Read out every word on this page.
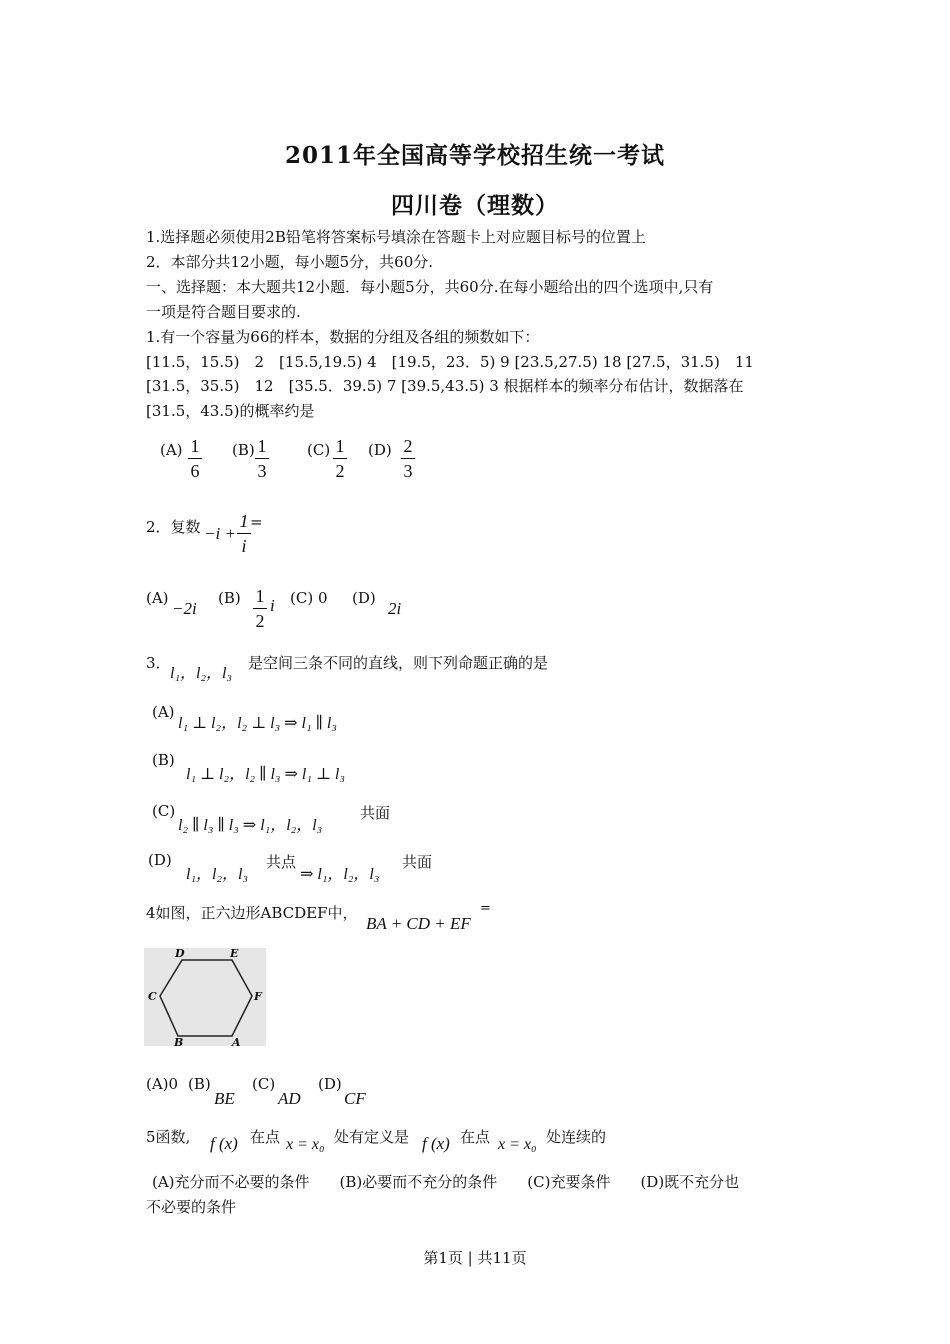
2011年全国高等学校招生统一考试
四川卷（理数）
1.选择题必须使用2B铅笔将答案标号填涂在答题卡上对应题目标号的位置上
2．本部分共12小题，每小题5分，共60分.
一、选择题：本大题共12小题．每小题5分，共60分.在每小题给出的四个选项中,只有
一项是符合题目要求的.
1.有一个容量为66的样本，数据的分组及各组的频数如下：
[11.5，15.5)　2　[15.5,19.5) 4　[19.5，23．5) 9 [23.5,27.5) 18 [27.5，31.5)　11
[31.5，35.5)　12　[35.5．39.5) 7 [39.5,43.5) 3 根据样本的频率分布估计，数据落在
[31.5，43.5)的概率约是
(A) 1
6
(B) 1
3
(C) 1
2
(D) 2
3
2．复数 −i +
1
i
=
(A)
−2i
(B) 1
2
i (C) 0 (D)
2i
3．
l₁，l₂，l₃
是空间三条不同的直线，则下列命题正确的是
(A)
l₁ ⊥ l₂，l₂ ⊥ l₃ ⇒ l₁ ∥ l₃
(B)
l₁ ⊥ l₂，l₂ ∥ l₃ ⇒ l₁ ⊥ l₃
(C)
l₂ ∥ l₃ ∥ l₃ ⇒ l₁，l₂，l₃
共面
(D)
l₁，l₂，l₃
共点
⇒ l₁，l₂，l₃
共面
4如图，正六边形ABCDEF中，
BA + CD + EF
=
D	E
C	F
B	A
(A)0 (B)
BE
(C)
AD
(D)
CF
5函数, f (x) 在点 x = x₀ 处有定义是 f (x) 在点 x = x₀ 处连续的
(A)充分而不必要的条件　　(B)必要而不充分的条件　　(C)充要条件　　(D)既不充分也
不必要的条件
第1页 | 共11页
